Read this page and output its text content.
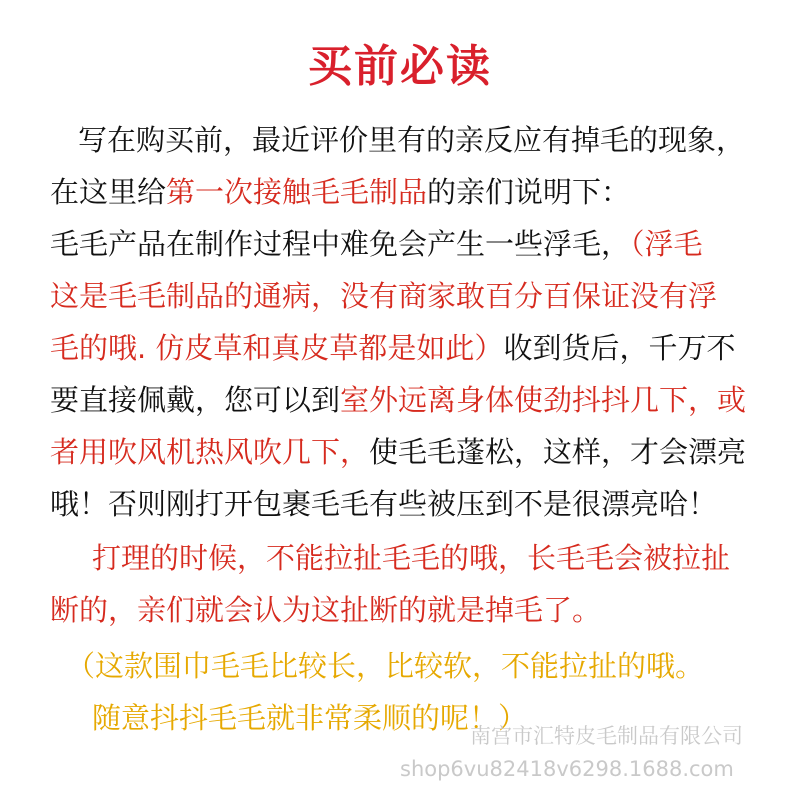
买前必读
写在购买前，最近评价里有的亲反应有掉毛的现象，
在这里给第一次接触毛毛制品的亲们说明下：
毛毛产品在制作过程中难免会产生一些浮毛，（浮毛
这是毛毛制品的通病，没有商家敢百分百保证没有浮
毛的哦. 仿皮草和真皮草都是如此）收到货后，千万不
要直接佩戴，您可以到室外远离身体使劲抖抖几下，或
者用吹风机热风吹几下，使毛毛蓬松，这样，才会漂亮
哦！否则刚打开包裹毛毛有些被压到不是很漂亮哈！
打理的时候，不能拉扯毛毛的哦，长毛毛会被拉扯
断的，亲们就会认为这扯断的就是掉毛了。
（这款围巾毛毛比较长，比较软，不能拉扯的哦。
随意抖抖毛毛就非常柔顺的呢！）
南宫市汇特皮毛制品有限公司
shop6vu82418v6298.1688.com
